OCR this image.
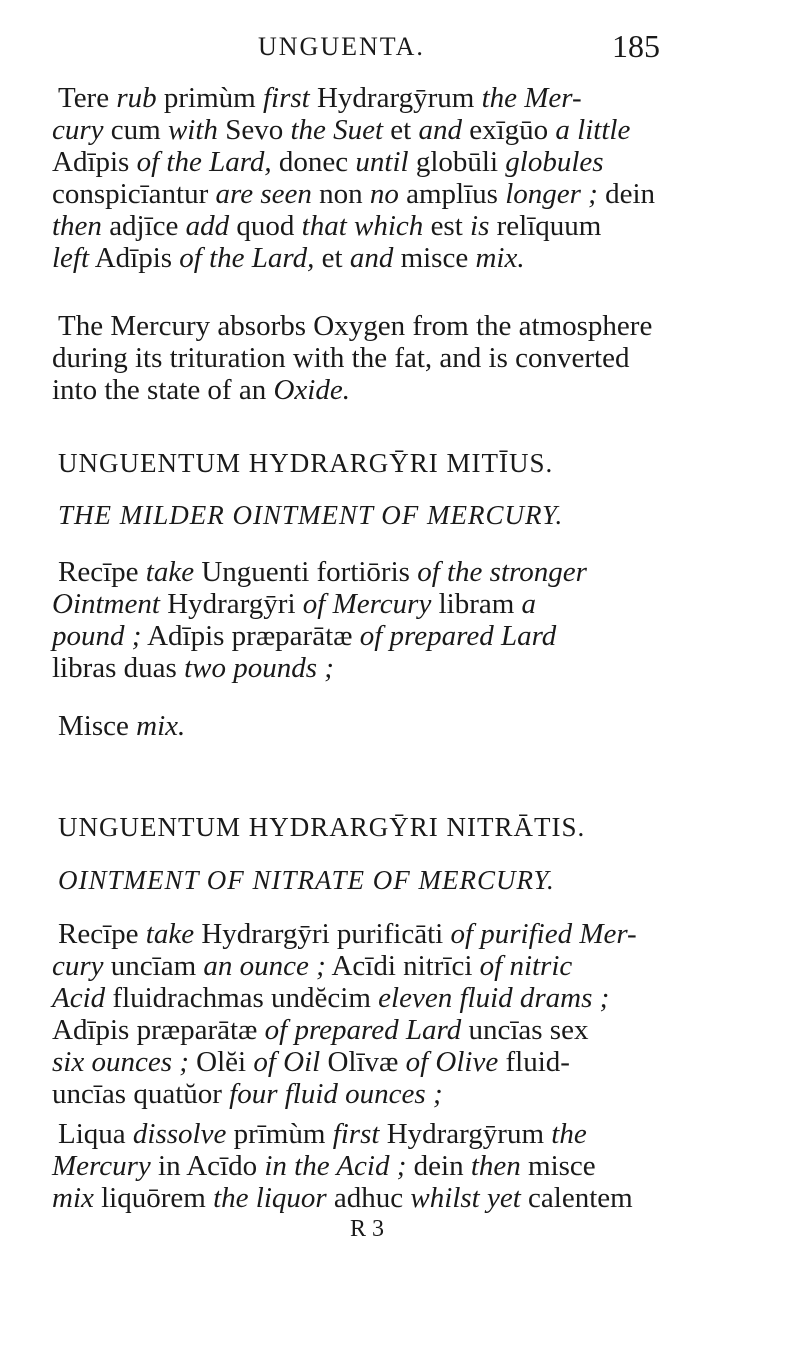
UNGUENTA.	185
Tere rub primùm first Hydrargȳrum the Mer-
cury cum with Sevo the Suet et and exīgūo a little
Adīpis of the Lard, donec until globūli globules
conspicīantur are seen non no amplīus longer ; dein
then adjīce add quod that which est is relīquum
left Adīpis of the Lard, et and misce mix.
The Mercury absorbs Oxygen from the atmosphere
during its trituration with the fat, and is converted
into the state of an Oxide.
UNGUENTUM HYDRARGȲRI MITĪUS.
THE MILDER OINTMENT OF MERCURY.
Recīpe take Unguenti fortiōris of the stronger
Ointment Hydrargȳri of Mercury libram a
pound ; Adīpis præparātæ of prepared Lard
libras duas two pounds ;
Misce mix.
UNGUENTUM HYDRARGȲRI NITRĀTIS.
OINTMENT OF NITRATE OF MERCURY.
Recīpe take Hydrargȳri purificāti of purified Mer-
cury uncīam an ounce ; Acīdi nitrīci of nitric
Acid fluidrachmas undĕcim eleven fluid drams ;
Adīpis præparātæ of prepared Lard uncīas sex
six ounces ; Olĕi of Oil Olīvæ of Olive fluid-
uncīas quatŭor four fluid ounces ;
Liqua dissolve prīmùm first Hydrargȳrum the
Mercury in Acīdo in the Acid ; dein then misce
mix liquōrem the liquor adhuc whilst yet calentem
R 3
